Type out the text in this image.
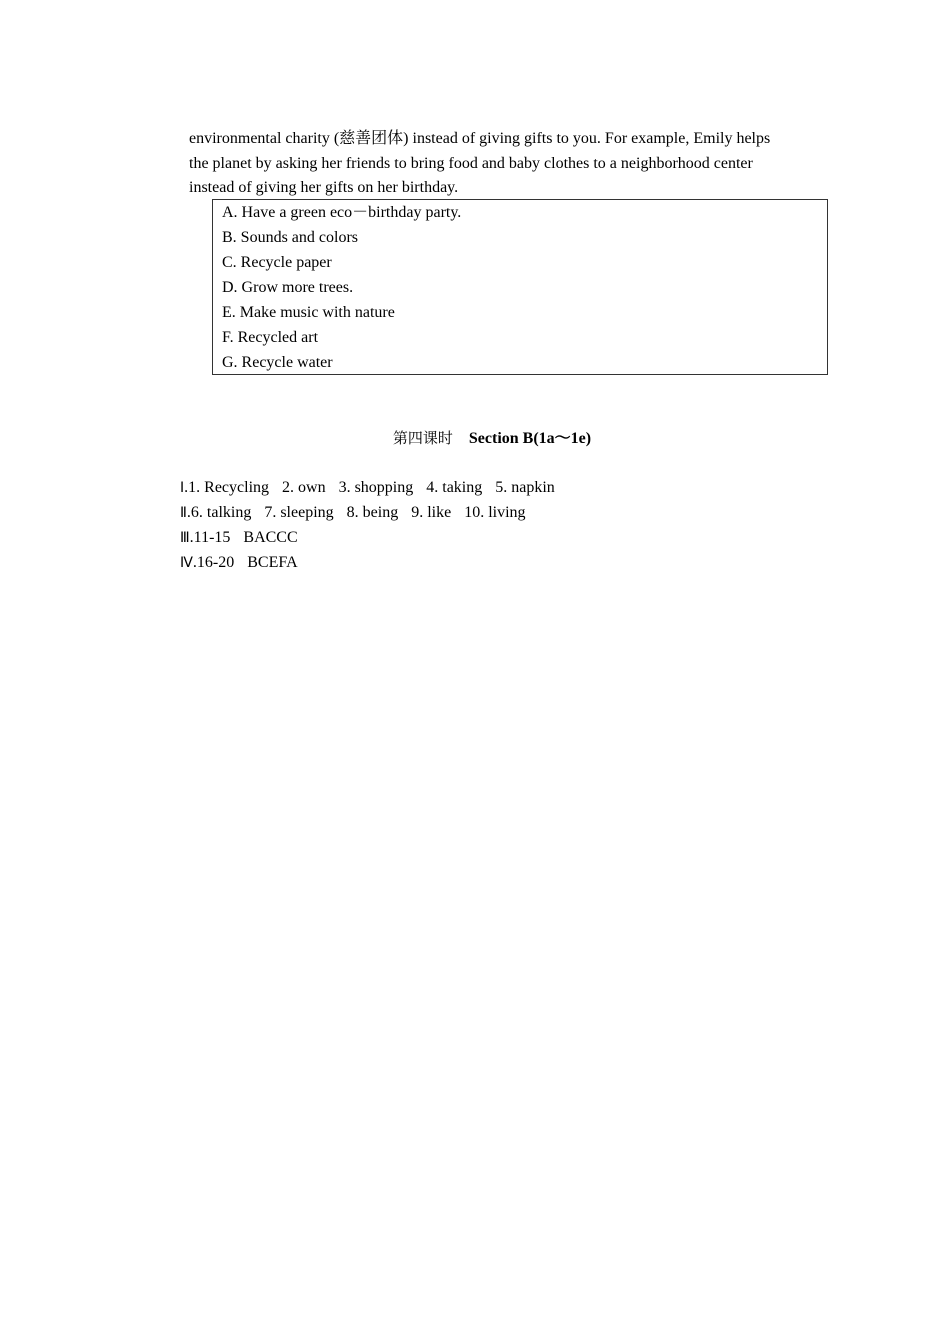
environmental charity (慈善团体) instead of giving gifts to you. For example, Emily helps
the planet by asking her friends to bring food and baby clothes to a neighborhood center
instead of giving her gifts on her birthday.
A. Have a green eco－birthday party.
B. Sounds and colors
C. Recycle paper
D. Grow more trees.
E. Make music with nature
F. Recycled art
G. Recycle water
第四课时 Section B(1a～1e)
Ⅰ.1. Recycling 2. own 3. shopping 4. taking 5. napkin
Ⅱ.6. talking 7. sleeping 8. being 9. like 10. living
Ⅲ.11-15 BACCC
Ⅳ.16-20 BCEFA
